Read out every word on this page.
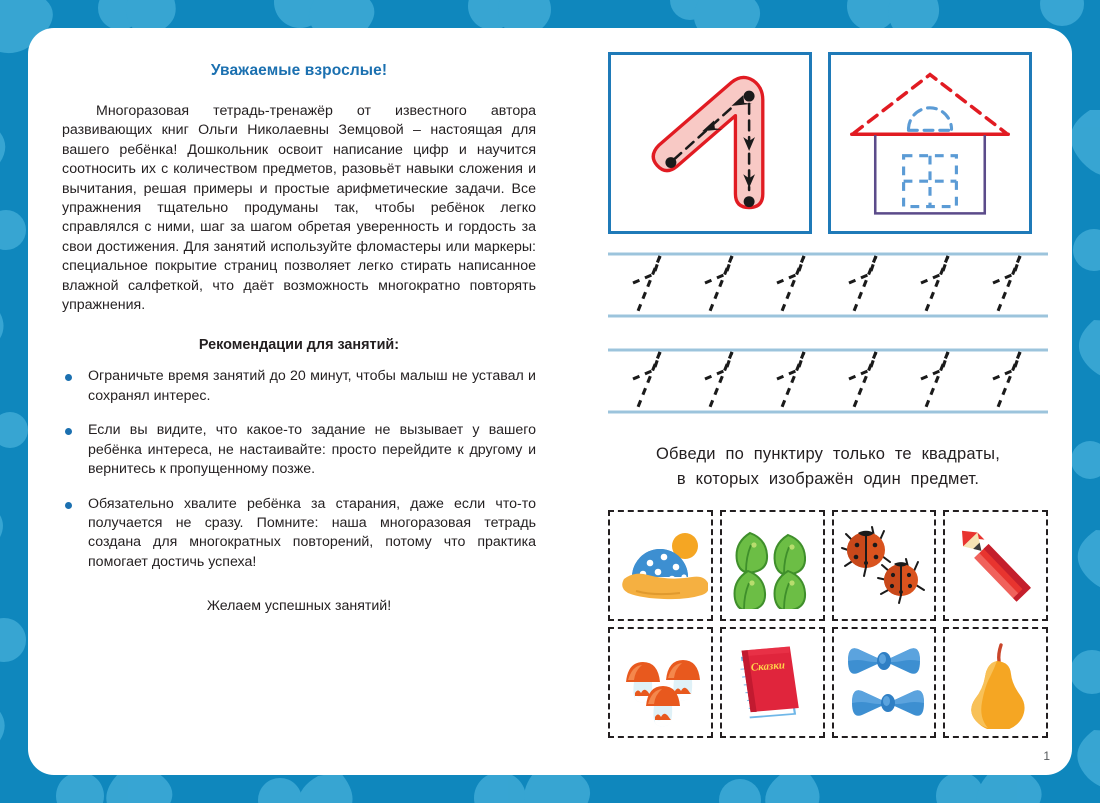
Уважаемые взрослые!

Многоразовая тетрадь-тренажёр от известного автора развивающих книг Ольги Николаевны Земцовой – настоящая для вашего ребёнка! Дошкольник освоит написание цифр и научится соотносить их с количеством предметов, разовьёт навыки сложения и вычитания, решая примеры и простые арифметические задачи. Все упражнения тщательно продуманы так, чтобы ребёнок легко справлялся с ними, шаг за шагом обретая уверенность и гордость за свои достижения. Для занятий используйте фломастеры или маркеры: специальное покрытие страниц позволяет легко стирать написанное влажной салфеткой, что даёт возможность многократно повторять упражнения.

Рекомендации для занятий:
Ограничьте время занятий до 20 минут, чтобы малыш не уставал и сохранял интерес.
Если вы видите, что какое-то задание не вызывает у вашего ребёнка интереса, не настаивайте: просто перейдите к другому и вернитесь к пропущенному позже.
Обязательно хвалите ребёнка за старания, даже если что-то получается не сразу. Помните: наша многоразовая тетрадь создана для многократных повторений, потому что практика помогает достичь успеха!
Желаем успешных занятий!
Обведи по пунктиру только те квадраты,
в которых изображён один предмет.
Сказки
1
